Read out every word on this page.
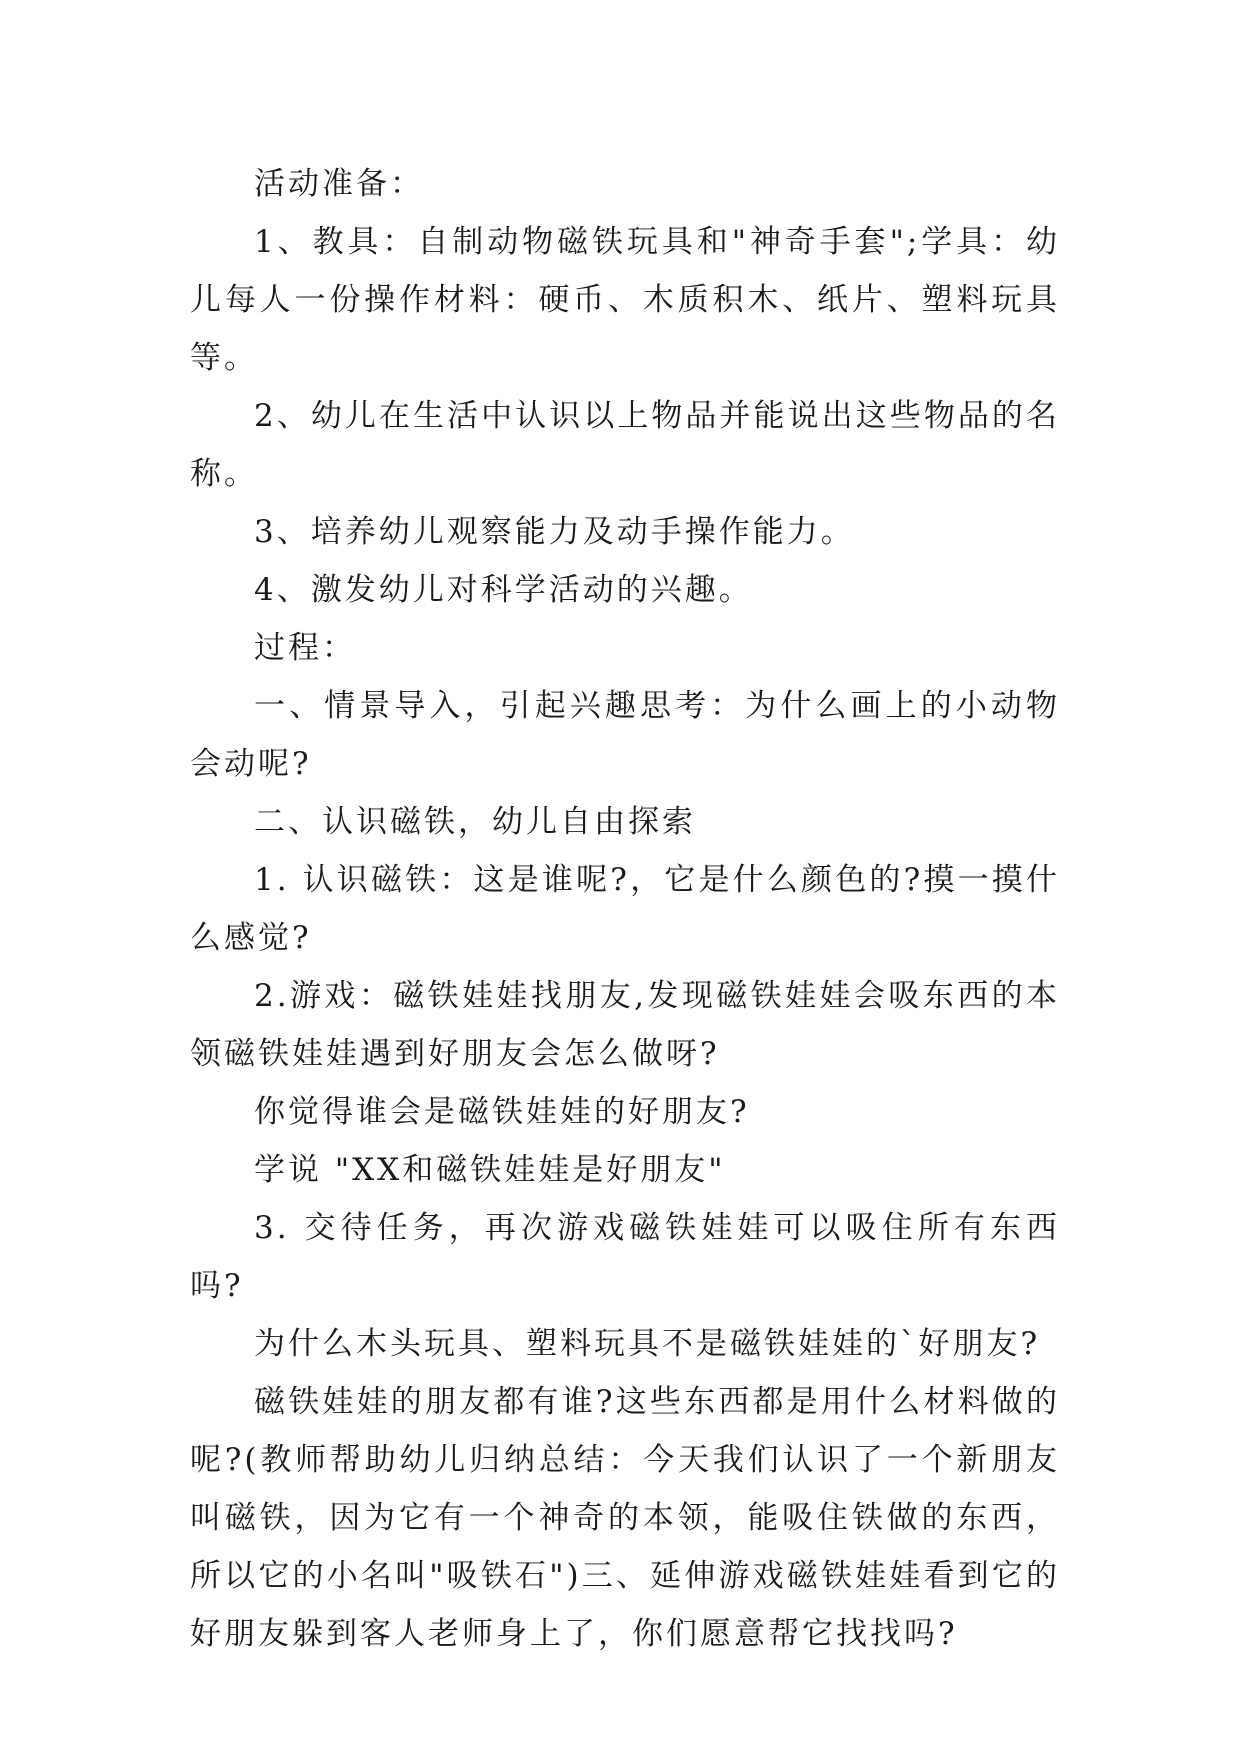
活动准备：

1、教具：自制动物磁铁玩具和"神奇手套";学具：幼儿每人一份操作材料：硬币、木质积木、纸片、塑料玩具等。

2、幼儿在生活中认识以上物品并能说出这些物品的名称。

3、培养幼儿观察能力及动手操作能力。

4、激发幼儿对科学活动的兴趣。

过程：

一、情景导入，引起兴趣思考：为什么画上的小动物会动呢?

二、认识磁铁，幼儿自由探索

1. 认识磁铁：这是谁呢?，它是什么颜色的?摸一摸什么感觉?

2.游戏：磁铁娃娃找朋友,发现磁铁娃娃会吸东西的本领磁铁娃娃遇到好朋友会怎么做呀?

你觉得谁会是磁铁娃娃的好朋友?

学说 "XX和磁铁娃娃是好朋友"

3. 交待任务，再次游戏磁铁娃娃可以吸住所有东西吗?

为什么木头玩具、塑料玩具不是磁铁娃娃的`好朋友?

磁铁娃娃的朋友都有谁?这些东西都是用什么材料做的呢?(教师帮助幼儿归纳总结：今天我们认识了一个新朋友叫磁铁，因为它有一个神奇的本领，能吸住铁做的东西，所以它的小名叫"吸铁石")三、延伸游戏磁铁娃娃看到它的好朋友躲到客人老师身上了，你们愿意帮它找找吗?
